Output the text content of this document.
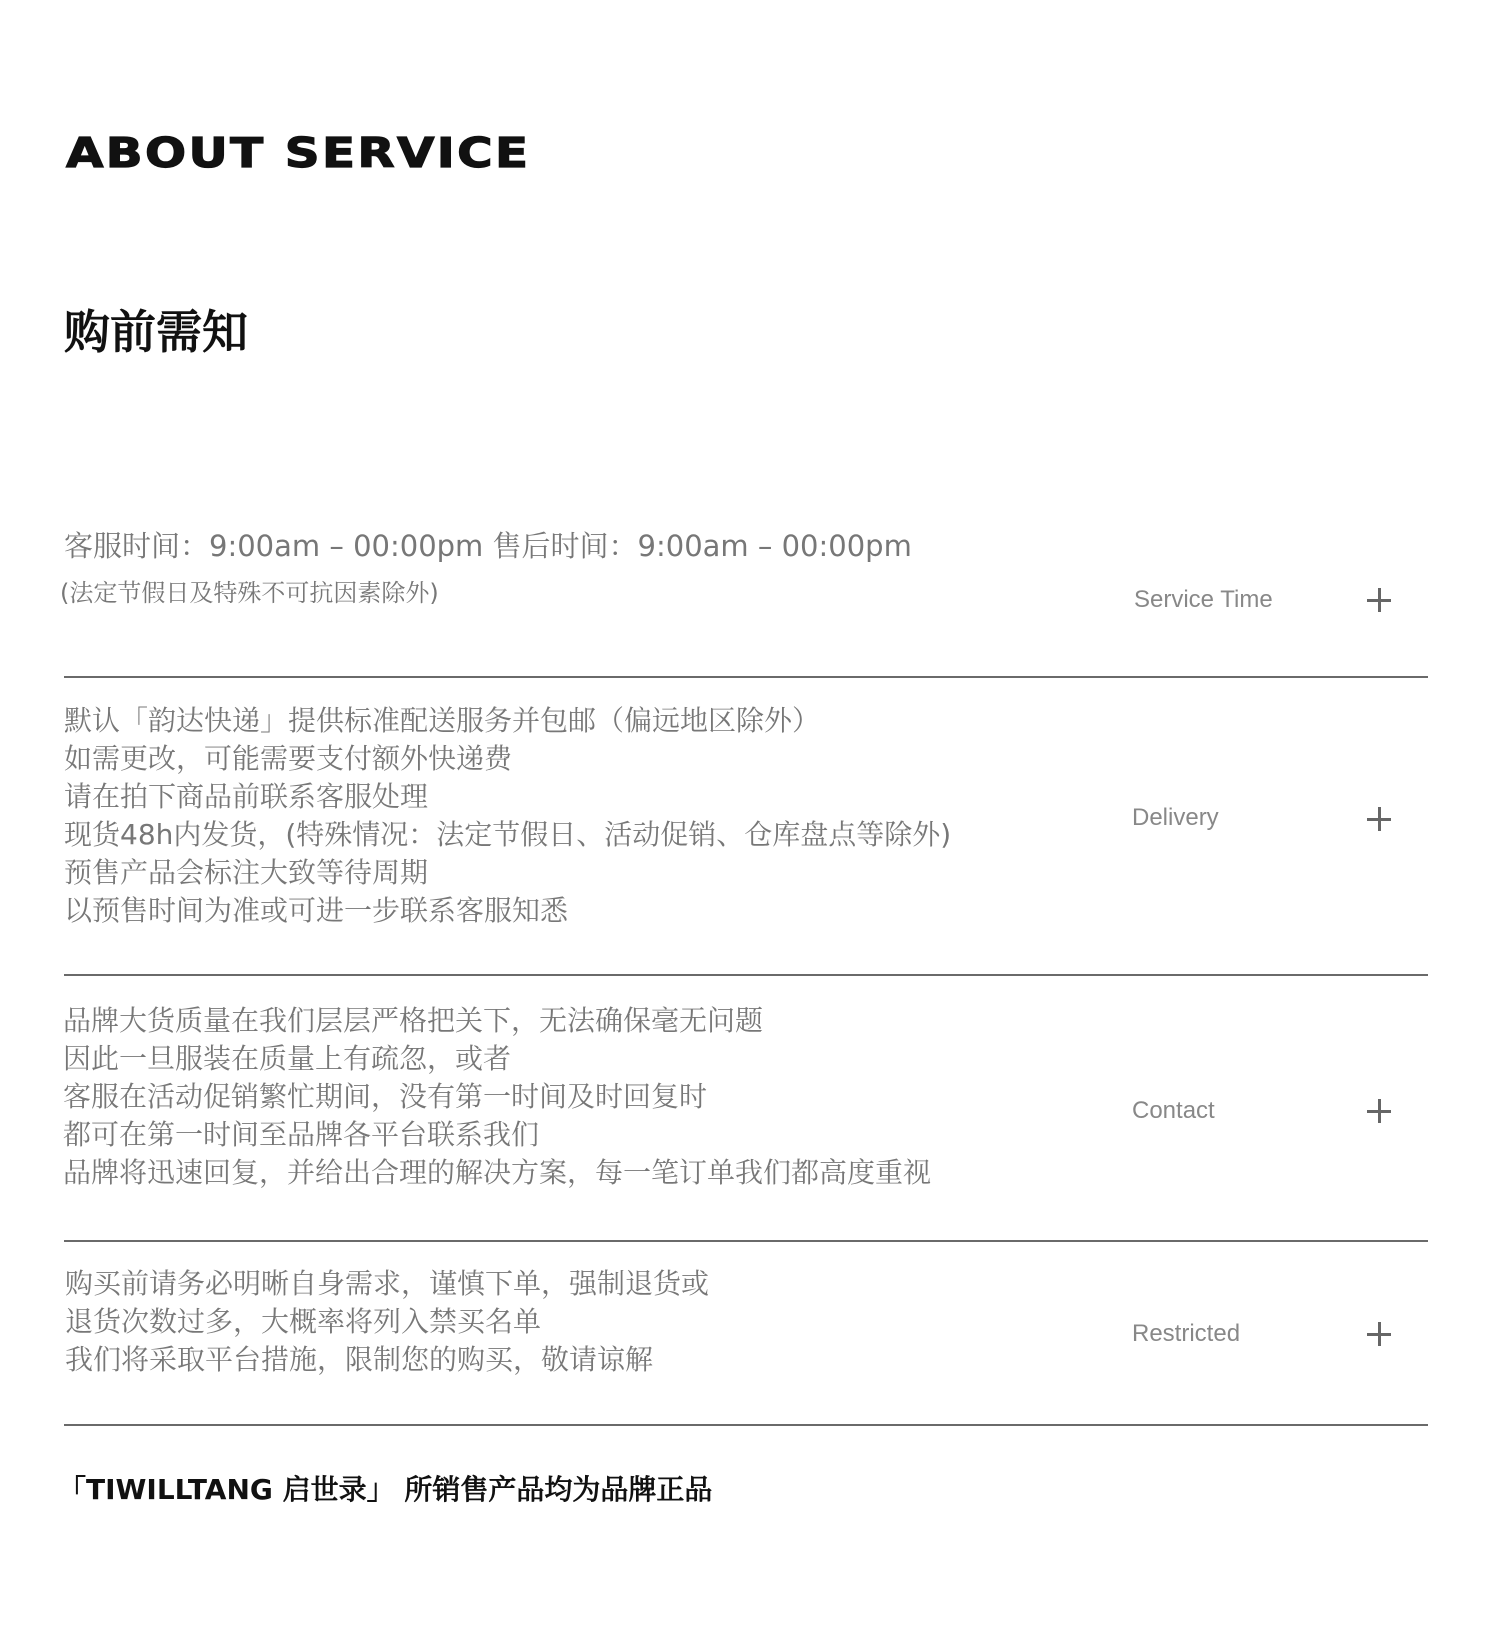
ABOUT SERVICE
购前需知
客服时间：9:00am – 00:00pm 售后时间：9:00am – 00:00pm
(法定节假日及特殊不可抗因素除外)	Service Time
默认「韵达快递」提供标准配送服务并包邮（偏远地区除外）
如需更改，可能需要支付额外快递费
请在拍下商品前联系客服处理
现货48h内发货，(特殊情况：法定节假日、活动促销、仓库盘点等除外)
预售产品会标注大致等待周期
以预售时间为准或可进一步联系客服知悉
Delivery
品牌大货质量在我们层层严格把关下，无法确保毫无问题
因此一旦服装在质量上有疏忽，或者
客服在活动促销繁忙期间，没有第一时间及时回复时
都可在第一时间至品牌各平台联系我们
品牌将迅速回复，并给出合理的解决方案，每一笔订单我们都高度重视
Contact
购买前请务必明晰自身需求，谨慎下单，强制退货或
退货次数过多，大概率将列入禁买名单
我们将采取平台措施，限制您的购买，敬请谅解
Restricted
「TIWILLTANG 启世录」 所销售产品均为品牌正品
